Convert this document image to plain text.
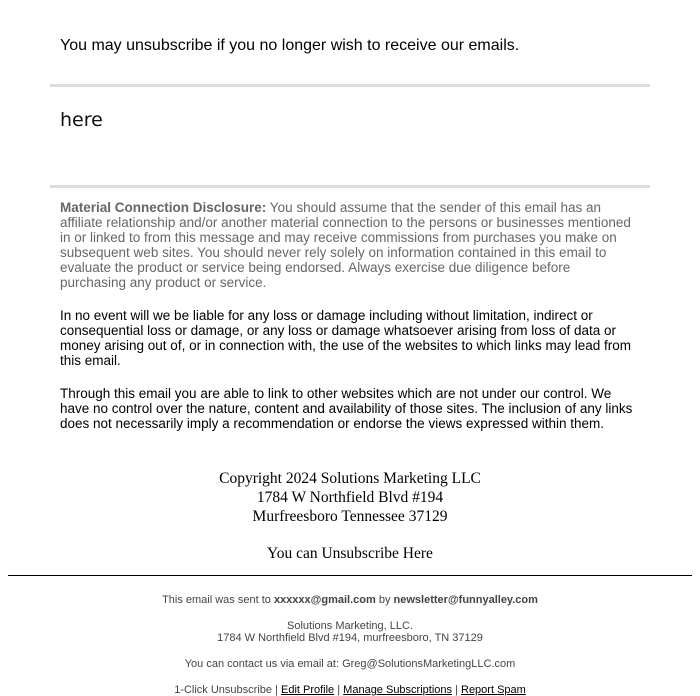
You may unsubscribe if you no longer wish to receive our emails.
here

Material Connection Disclosure: You should assume that the sender of this email has an affiliate relationship and/or another material connection to the persons or businesses mentioned in or linked to from this message and may receive commissions from purchases you make on subsequent web sites. You should never rely solely on information contained in this email to evaluate the product or service being endorsed. Always exercise due diligence before purchasing any product or service.

In no event will we be liable for any loss or damage including without limitation, indirect or consequential loss or damage, or any loss or damage whatsoever arising from loss of data or money arising out of, or in connection with, the use of the websites to which links may lead from this email.

Through this email you are able to link to other websites which are not under our control. We have no control over the nature, content and availability of those sites. The inclusion of any links does not necessarily imply a recommendation or endorse the views expressed within them.

Copyright 2024 Solutions Marketing LLC
1784 W Northfield Blvd #194
Murfreesboro Tennessee 37129
You can Unsubscribe Here
This email was sent to xxxxxx@gmail.com by newsletter@funnyalley.com
Solutions Marketing, LLC.
1784 W Northfield Blvd #194, murfreesboro, TN 37129
You can contact us via email at: Greg@SolutionsMarketingLLC.com
1-Click Unsubscribe | Edit Profile | Manage Subscriptions | Report Spam
